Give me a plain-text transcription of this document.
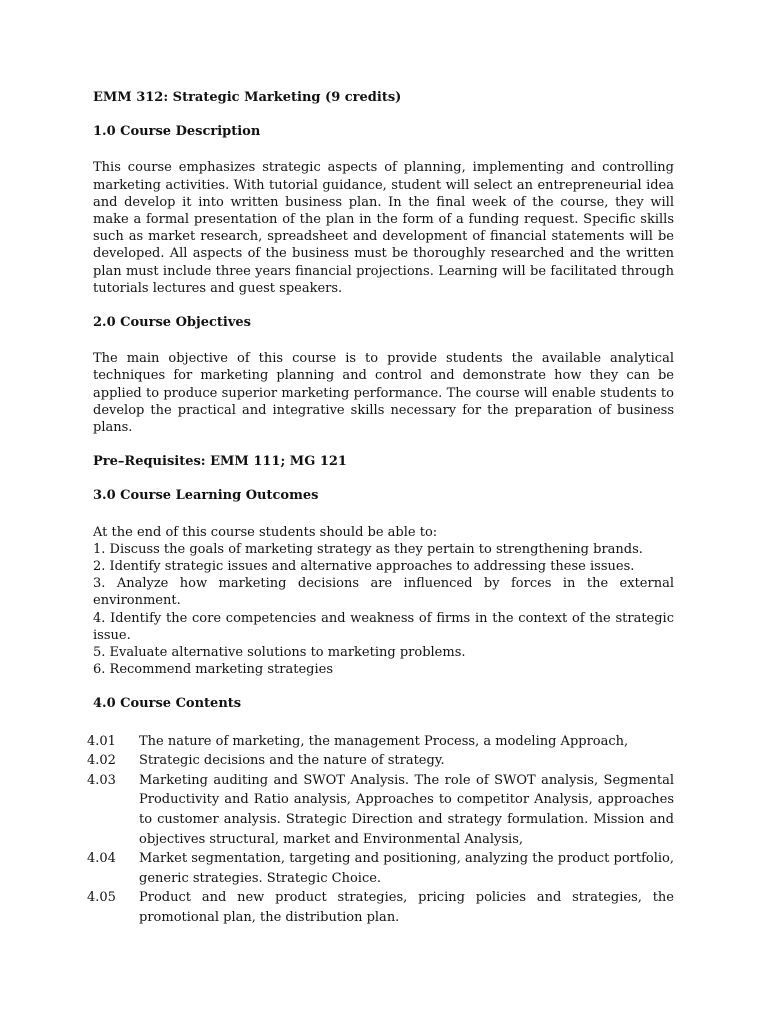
EMM 312: Strategic Marketing (9 credits)

1.0 Course Description

This course emphasizes strategic aspects of planning, implementing and controlling marketing activities. With tutorial guidance, student will select an entrepreneurial idea and develop it into written business plan. In the final week of the course, they will make a formal presentation of the plan in the form of a funding request. Specific skills such as market research, spreadsheet and development of financial statements will be developed. All aspects of the business must be thoroughly researched and the written plan must include three years financial projections. Learning will be facilitated through tutorials lectures and guest speakers.

2.0 Course Objectives

The main objective of this course is to provide students the available analytical techniques for marketing planning and control and demonstrate how they can be applied to produce superior marketing performance. The course will enable students to develop the practical and integrative skills necessary for the preparation of business plans.

Pre–Requisites: EMM 111; MG 121

3.0 Course Learning Outcomes

At the end of this course students should be able to:

1. Discuss the goals of marketing strategy as they pertain to strengthening brands.

2. Identify strategic issues and alternative approaches to addressing these issues.

3. Analyze how marketing decisions are influenced by forces in the external environment.

4. Identify the core competencies and weakness of firms in the context of the strategic issue.

5. Evaluate alternative solutions to marketing problems.

6. Recommend marketing strategies

4.0 Course Contents

4.01	The nature of marketing, the management Process, a modeling Approach,
4.02	Strategic decisions and the nature of strategy.
4.03	Marketing auditing and SWOT Analysis. The role of SWOT analysis, Segmental Productivity and Ratio analysis, Approaches to competitor Analysis, approaches to customer analysis. Strategic Direction and strategy formulation. Mission and objectives structural, market and Environmental Analysis,
4.04	Market segmentation, targeting and positioning, analyzing the product portfolio, generic strategies. Strategic Choice.
4.05	Product and new product strategies, pricing policies and strategies, the promotional plan, the distribution plan.
